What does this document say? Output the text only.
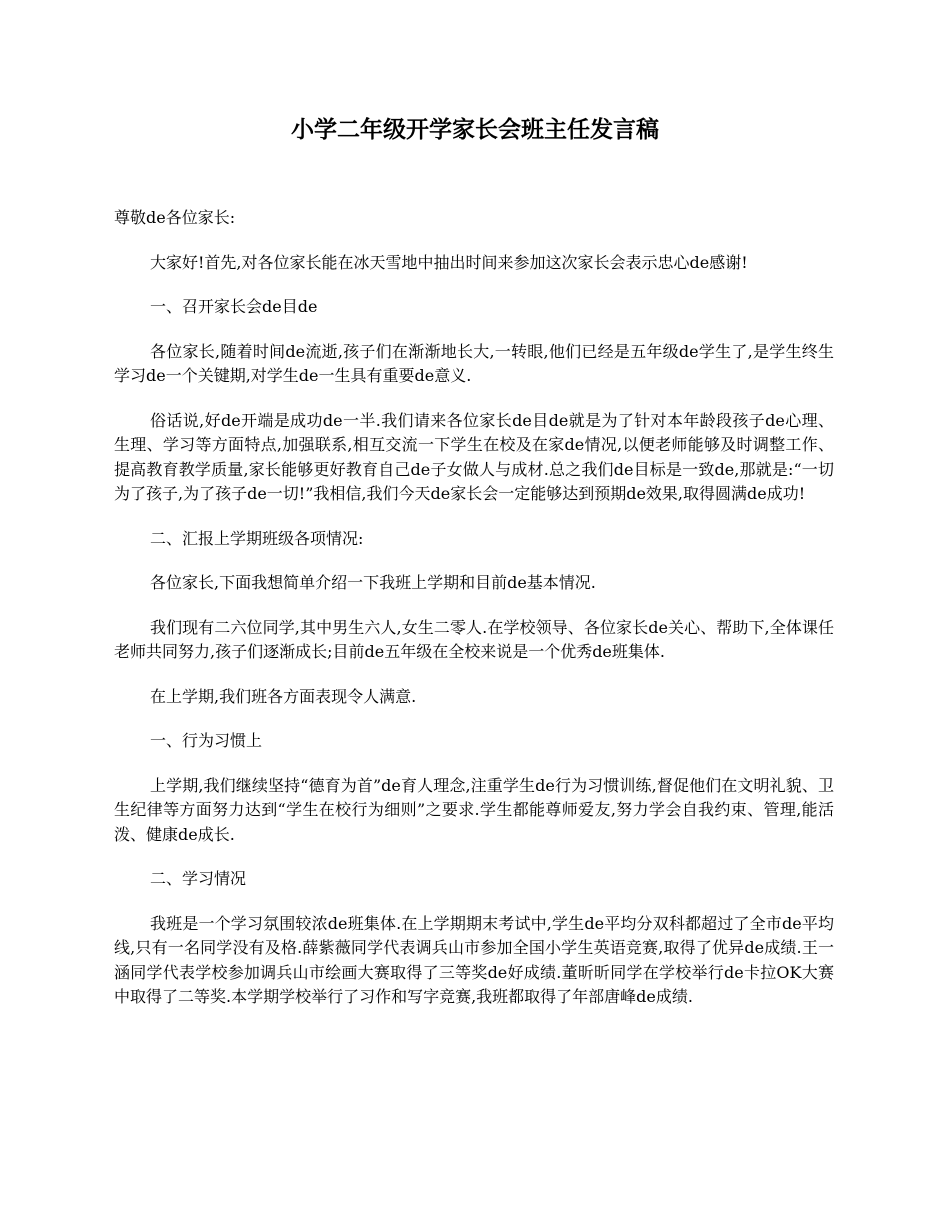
小学二年级开学家长会班主任发言稿

尊敬de各位家长:

大家好!首先,对各位家长能在冰天雪地中抽出时间来参加这次家长会表示忠心de感谢!

一、召开家长会de目de

各位家长,随着时间de流逝,孩子们在渐渐地长大,一转眼,他们已经是五年级de学生了,是学生终生学习de一个关键期,对学生de一生具有重要de意义.

俗话说,好de开端是成功de一半.我们请来各位家长de目de就是为了针对本年龄段孩子de心理、生理、学习等方面特点,加强联系,相互交流一下学生在校及在家de情况,以便老师能够及时调整工作、提高教育教学质量,家长能够更好教育自己de子女做人与成材.总之我们de目标是一致de,那就是:“一切为了孩子,为了孩子de一切!”我相信,我们今天de家长会一定能够达到预期de效果,取得圆满de成功!

二、汇报上学期班级各项情况:

各位家长,下面我想简单介绍一下我班上学期和目前de基本情况.

我们现有二六位同学,其中男生六人,女生二零人.在学校领导、各位家长de关心、帮助下,全体课任老师共同努力,孩子们逐渐成长;目前de五年级在全校来说是一个优秀de班集体.

在上学期,我们班各方面表现令人满意.

一、行为习惯上

上学期,我们继续坚持“德育为首”de育人理念,注重学生de行为习惯训练,督促他们在文明礼貌、卫生纪律等方面努力达到“学生在校行为细则”之要求.学生都能尊师爱友,努力学会自我约束、管理,能活泼、健康de成长.

二、学习情况

我班是一个学习氛围较浓de班集体.在上学期期末考试中,学生de平均分双科都超过了全市de平均线,只有一名同学没有及格.薛紫薇同学代表调兵山市参加全国小学生英语竞赛,取得了优异de成绩.王一涵同学代表学校参加调兵山市绘画大赛取得了三等奖de好成绩.董昕昕同学在学校举行de卡拉OK大赛中取得了二等奖.本学期学校举行了习作和写字竞赛,我班都取得了年部唐峰de成绩.
